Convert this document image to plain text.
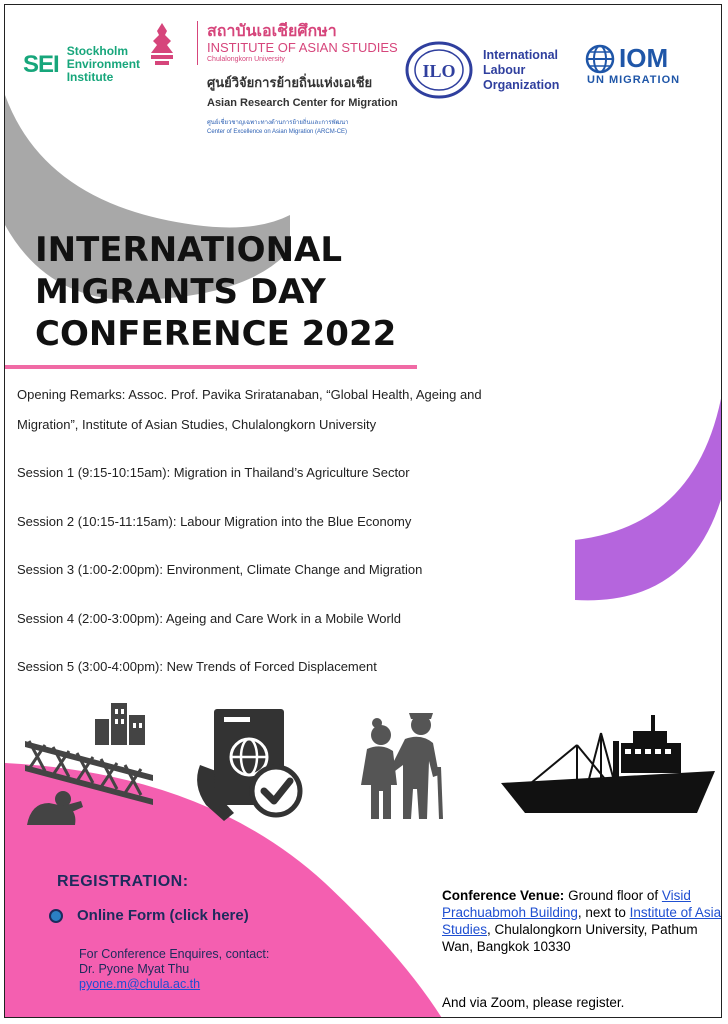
SEI Stockholm
Environment
Institute
สถาบันเอเชียศึกษา
INSTITUTE OF ASIAN STUDIES
Chulalongkorn University
ศูนย์วิจัยการย้ายถิ่นแห่งเอเชีย
Asian Research Center for Migration
ศูนย์เชี่ยวชาญเฉพาะทางด้านการย้ายถิ่นและการพัฒนา
Center of Excellence on Asian Migration (ARCM-CE)
ILO
International
Labour
Organization
IOM
UN MIGRATION
INTERNATIONAL
MIGRANTS DAY
CONFERENCE 2022
Opening Remarks: Assoc. Prof. Pavika Sriratanaban, “Global Health, Ageing and
Migration”, Institute of Asian Studies, Chulalongkorn University
Session 1 (9:15-10:15am): Migration in Thailand’s Agriculture Sector
Session 2 (10:15-11:15am): Labour Migration into the Blue Economy
Session 3 (1:00-2:00pm): Environment, Climate Change and Migration
Session 4 (2:00-3:00pm): Ageing and Care Work in a Mobile World
Session 5 (3:00-4:00pm): New Trends of Forced Displacement
REGISTRATION:
Online Form (click here)
For Conference Enquires, contact:
Dr. Pyone Myat Thu
pyone.m@chula.ac.th
Conference Venue: Ground floor of Visid Prachuabmoh Building, next to Institute of Asia Studies, Chulalongkorn University, Pathum Wan, Bangkok 10330
And via Zoom, please register.
